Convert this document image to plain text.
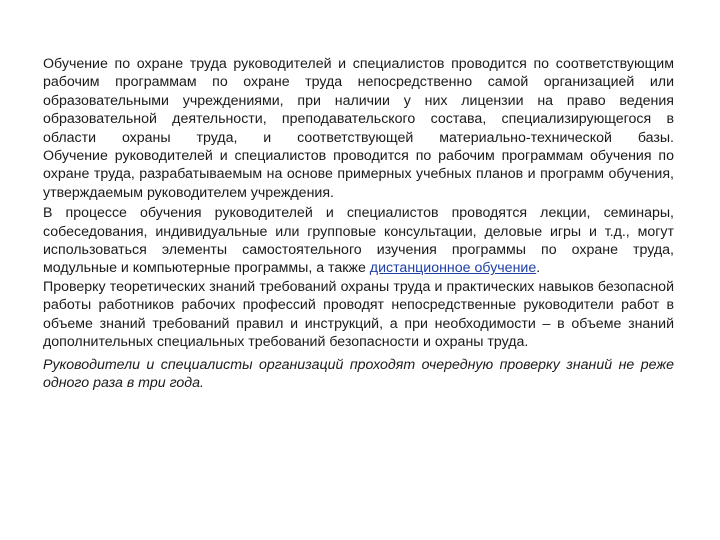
Обучение по охране труда руководителей и специалистов проводится по соответствующим рабочим программам по охране труда непосредственно самой организацией или образовательными учреждениями, при наличии у них лицензии на право ведения образовательной деятельности, преподавательского состава, специализирующегося в области охраны труда, и соответствующей материально-технической базы.

Обучение руководителей и специалистов проводится по рабочим программам обучения по охране труда, разрабатываемым на основе примерных учебных планов и программ обучения, утверждаемым руководителем учреждения.

В процессе обучения руководителей и специалистов проводятся лекции, семинары, собеседования, индивидуальные или групповые консультации, деловые игры и т.д., могут использоваться элементы самостоятельного изучения программы по охране труда, модульные и компьютерные программы, а также дистанционное обучение.

Проверку теоретических знаний требований охраны труда и практических навыков безопасной работы работников рабочих профессий проводят непосредственные руководители работ в объеме знаний требований правил и инструкций, а при необходимости – в объеме знаний дополнительных специальных требований безопасности и охраны труда.

Руководители и специалисты организаций проходят очередную проверку знаний не реже одного раза в три года.
